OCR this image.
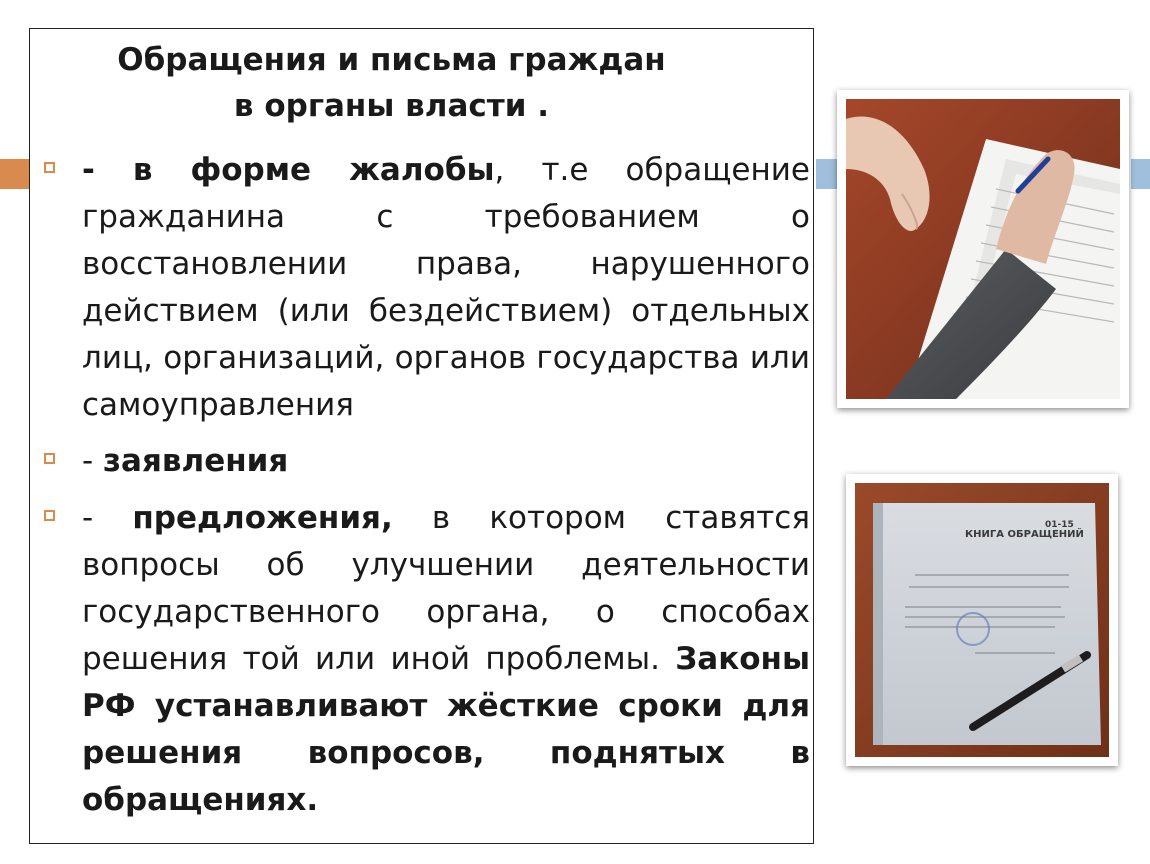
Обращения и письма граждан
в органы власти .
- в форме жалобы, т.е обращение гражданина с требованием о восстановлении права, нарушенного действием (или бездействием) отдельных лиц, организаций, органов государства или самоуправления
- заявления
- предложения, в котором ставятся вопросы об улучшении деятельности государственного органа, о способах решения той или иной проблемы. Законы РФ устанавливают жёсткие сроки для решения вопросов, поднятых в обращениях.
КНИГА ОБРАЩЕНИЙ
01-15
